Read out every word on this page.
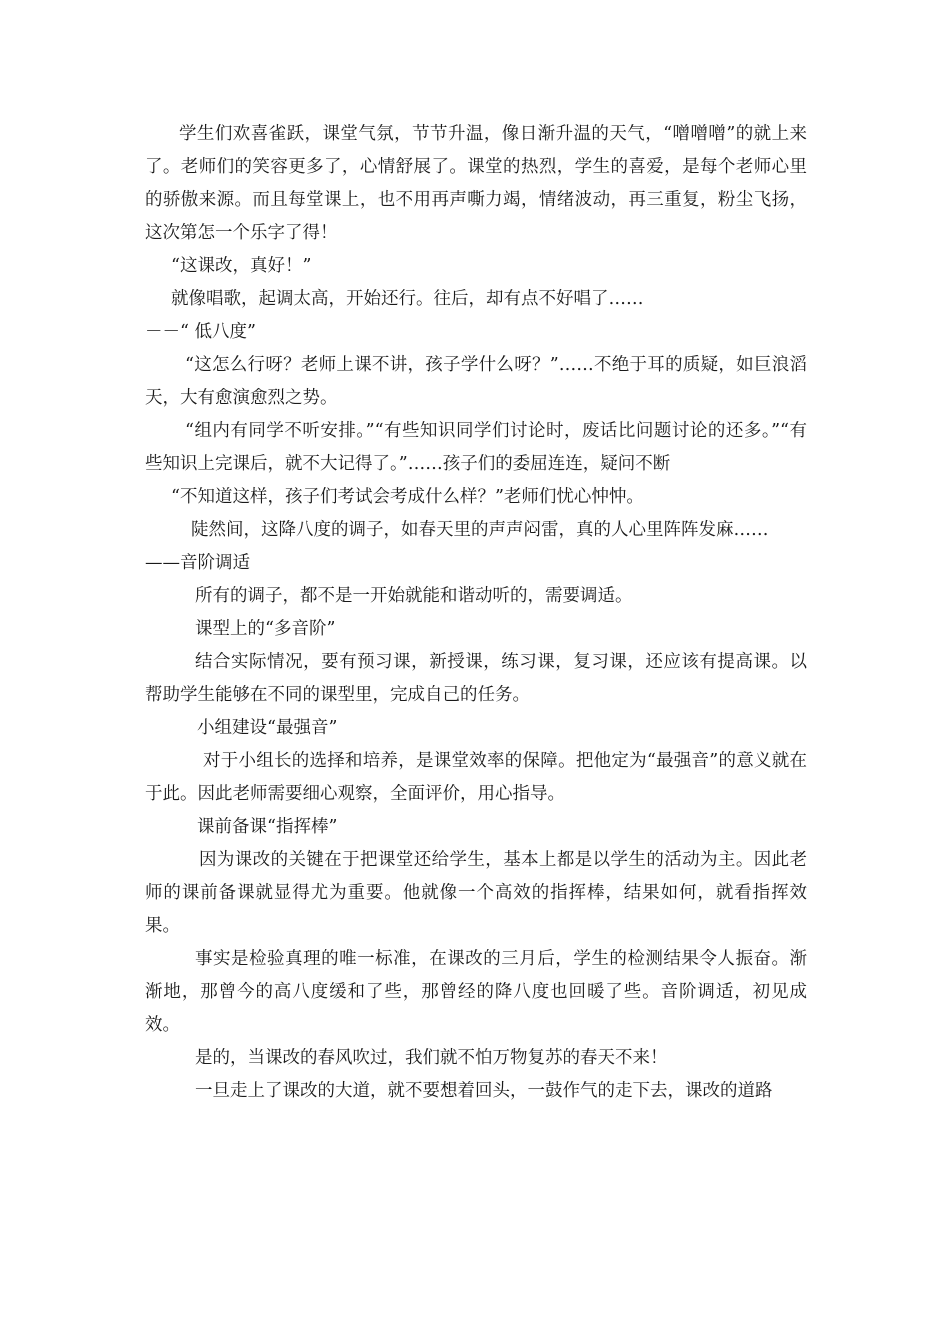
学生们欢喜雀跃，课堂气氛，节节升温，像日渐升温的天气，“噌噌噌”的就上来了。老师们的笑容更多了，心情舒展了。课堂的热烈，学生的喜爱，是每个老师心里的骄傲来源。而且每堂课上，也不用再声嘶力竭，情绪波动，再三重复，粉尘飞扬，这次第怎一个乐字了得！

“这课改，真好！”

就像唱歌，起调太高，开始还行。往后，却有点不好唱了……

－－“ 低八度”

“这怎么行呀？老师上课不讲，孩子学什么呀？”……不绝于耳的质疑，如巨浪滔天，大有愈演愈烈之势。

“组内有同学不听安排。”“有些知识同学们讨论时，废话比问题讨论的还多。”“有些知识上完课后，就不大记得了。”……孩子们的委屈连连，疑问不断

“不知道这样，孩子们考试会考成什么样？”老师们忧心忡忡。

陡然间，这降八度的调子，如春天里的声声闷雷，真的人心里阵阵发麻……

——音阶调适

所有的调子，都不是一开始就能和谐动听的，需要调适。

课型上的“多音阶”

结合实际情况，要有预习课，新授课，练习课，复习课，还应该有提高课。以帮助学生能够在不同的课型里，完成自己的任务。

小组建设“最强音”

对于小组长的选择和培养，是课堂效率的保障。把他定为“最强音”的意义就在于此。因此老师需要细心观察，全面评价，用心指导。

课前备课“指挥棒”

因为课改的关键在于把课堂还给学生，基本上都是以学生的活动为主。因此老师的课前备课就显得尤为重要。他就像一个高效的指挥棒，结果如何，就看指挥效果。

事实是检验真理的唯一标准，在课改的三月后，学生的检测结果令人振奋。渐渐地，那曾今的高八度缓和了些，那曾经的降八度也回暖了些。音阶调适，初见成效。

是的，当课改的春风吹过，我们就不怕万物复苏的春天不来！

一旦走上了课改的大道，就不要想着回头，一鼓作气的走下去，课改的道路
